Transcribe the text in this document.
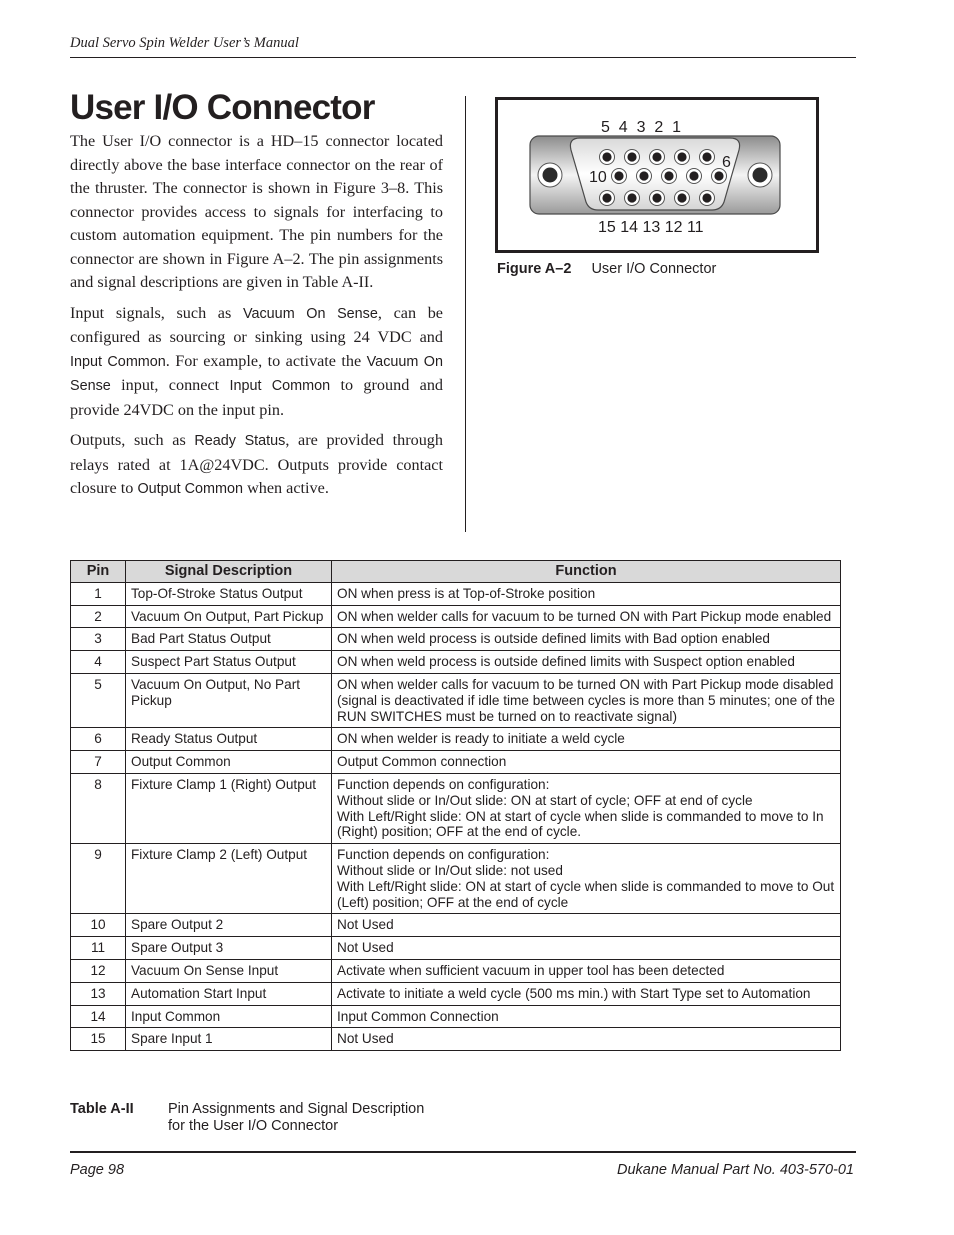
Dual Servo Spin Welder User’s Manual
User I/O Connector

The User I/O connector is a HD–15 connector located directly above the base interface connector on the rear of the thruster. The connector is shown in Figure 3–8. This connector provides access to signals for interfacing to custom automation equipment. The pin numbers for the connector are shown in Figure A–2. The pin assignments and signal descriptions are given in Table A-II.

Input signals, such as Vacuum On Sense, can be configured as sourcing or sinking using 24 VDC and Input Common. For example, to activate the Vacuum On Sense input, connect Input Common to ground and provide 24VDC on the input pin.

Outputs, such as Ready Status, are provided through relays rated at 1A@24VDC. Outputs provide contact closure to Output Common when active.

5  4  3  2  1
10
6
15 14 13 12 11
Figure A–2 User I/O Connector
Pin	Signal Description	Function
1	Top-Of-Stroke Status Output	ON when press is at Top-of-Stroke position

2	Vacuum On Output, Part Pickup	ON when welder calls for vacuum to be turned ON with Part Pickup mode enabled

3	Bad Part Status Output	ON when weld process is outside defined limits with Bad option enabled

4	Suspect Part Status Output	ON when weld process is outside defined limits with Suspect option enabled

5	Vacuum On Output, No Part Pickup	ON when welder calls for vacuum to be turned ON with Part Pickup mode disabled
(signal is deactivated if idle time between cycles is more than 5 minutes; one of the RUN SWITCHES must be turned on to reactivate signal)

6	Ready Status Output	ON when welder is ready to initiate a weld cycle

7	Output Common	Output Common connection

8	Fixture Clamp 1 (Right) Output	Function depends on configuration:
Without slide or In/Out slide: ON at start of cycle; OFF at end of cycle
With Left/Right slide: ON at start of cycle when slide is commanded to move to In (Right) position; OFF at the end of cycle.

9	Fixture Clamp 2 (Left) Output	Function depends on configuration:
Without slide or In/Out slide: not used
With Left/Right slide: ON at start of cycle when slide is commanded to move to Out (Left) position; OFF at the end of cycle

10	Spare Output 2	Not Used

11	Spare Output 3	Not Used

12	Vacuum On Sense Input	Activate when sufficient vacuum in upper tool has been detected

13	Automation Start Input	Activate to initiate a weld cycle (500 ms min.) with Start Type set to Automation

14	Input Common	Input Common Connection

15	Spare Input 1	Not Used
Table A-II Pin Assignments and Signal Description
for the User I/O Connector
Page 98	Dukane Manual Part No. 403-570-01
